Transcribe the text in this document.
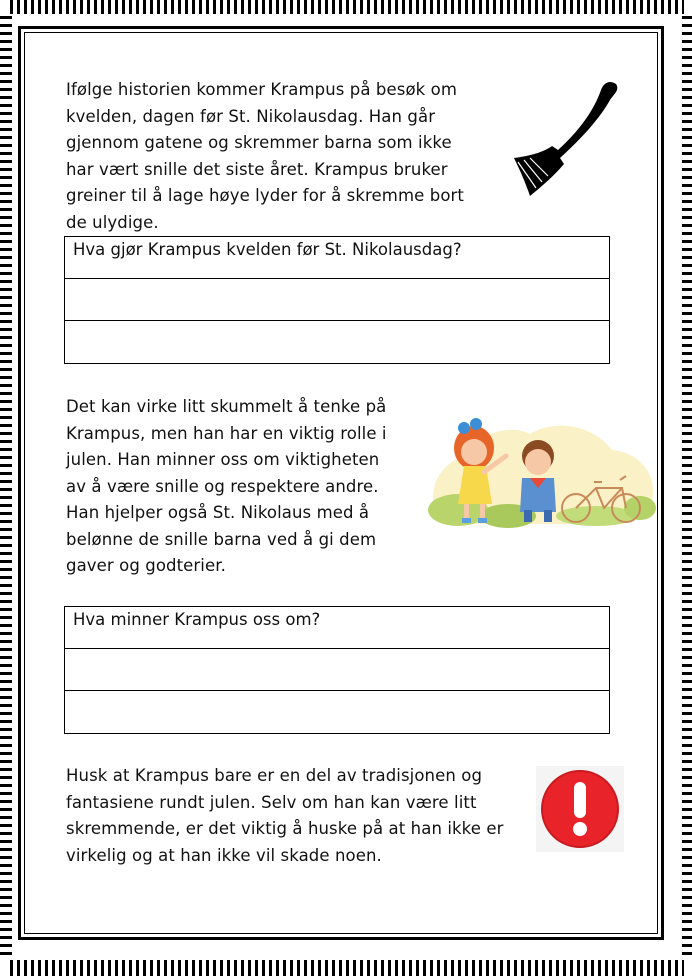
Ifølge historien kommer Krampus på besøk om
kvelden, dagen før St. Nikolausdag. Han går
gjennom gatene og skremmer barna som ikke
har vært snille det siste året. Krampus bruker
greiner til å lage høye lyder for å skremme bort
de ulydige.

Hva gjør Krampus kvelden før St. Nikolausdag?

Det kan virke litt skummelt å tenke på
Krampus, men han har en viktig rolle i
julen. Han minner oss om viktigheten
av å være snille og respektere andre.
Han hjelper også St. Nikolaus med å
belønne de snille barna ved å gi dem
gaver og godterier.

Hva minner Krampus oss om?

Husk at Krampus bare er en del av tradisjonen og
fantasiene rundt julen. Selv om han kan være litt
skremmende, er det viktig å huske på at han ikke er
virkelig og at han ikke vil skade noen.
